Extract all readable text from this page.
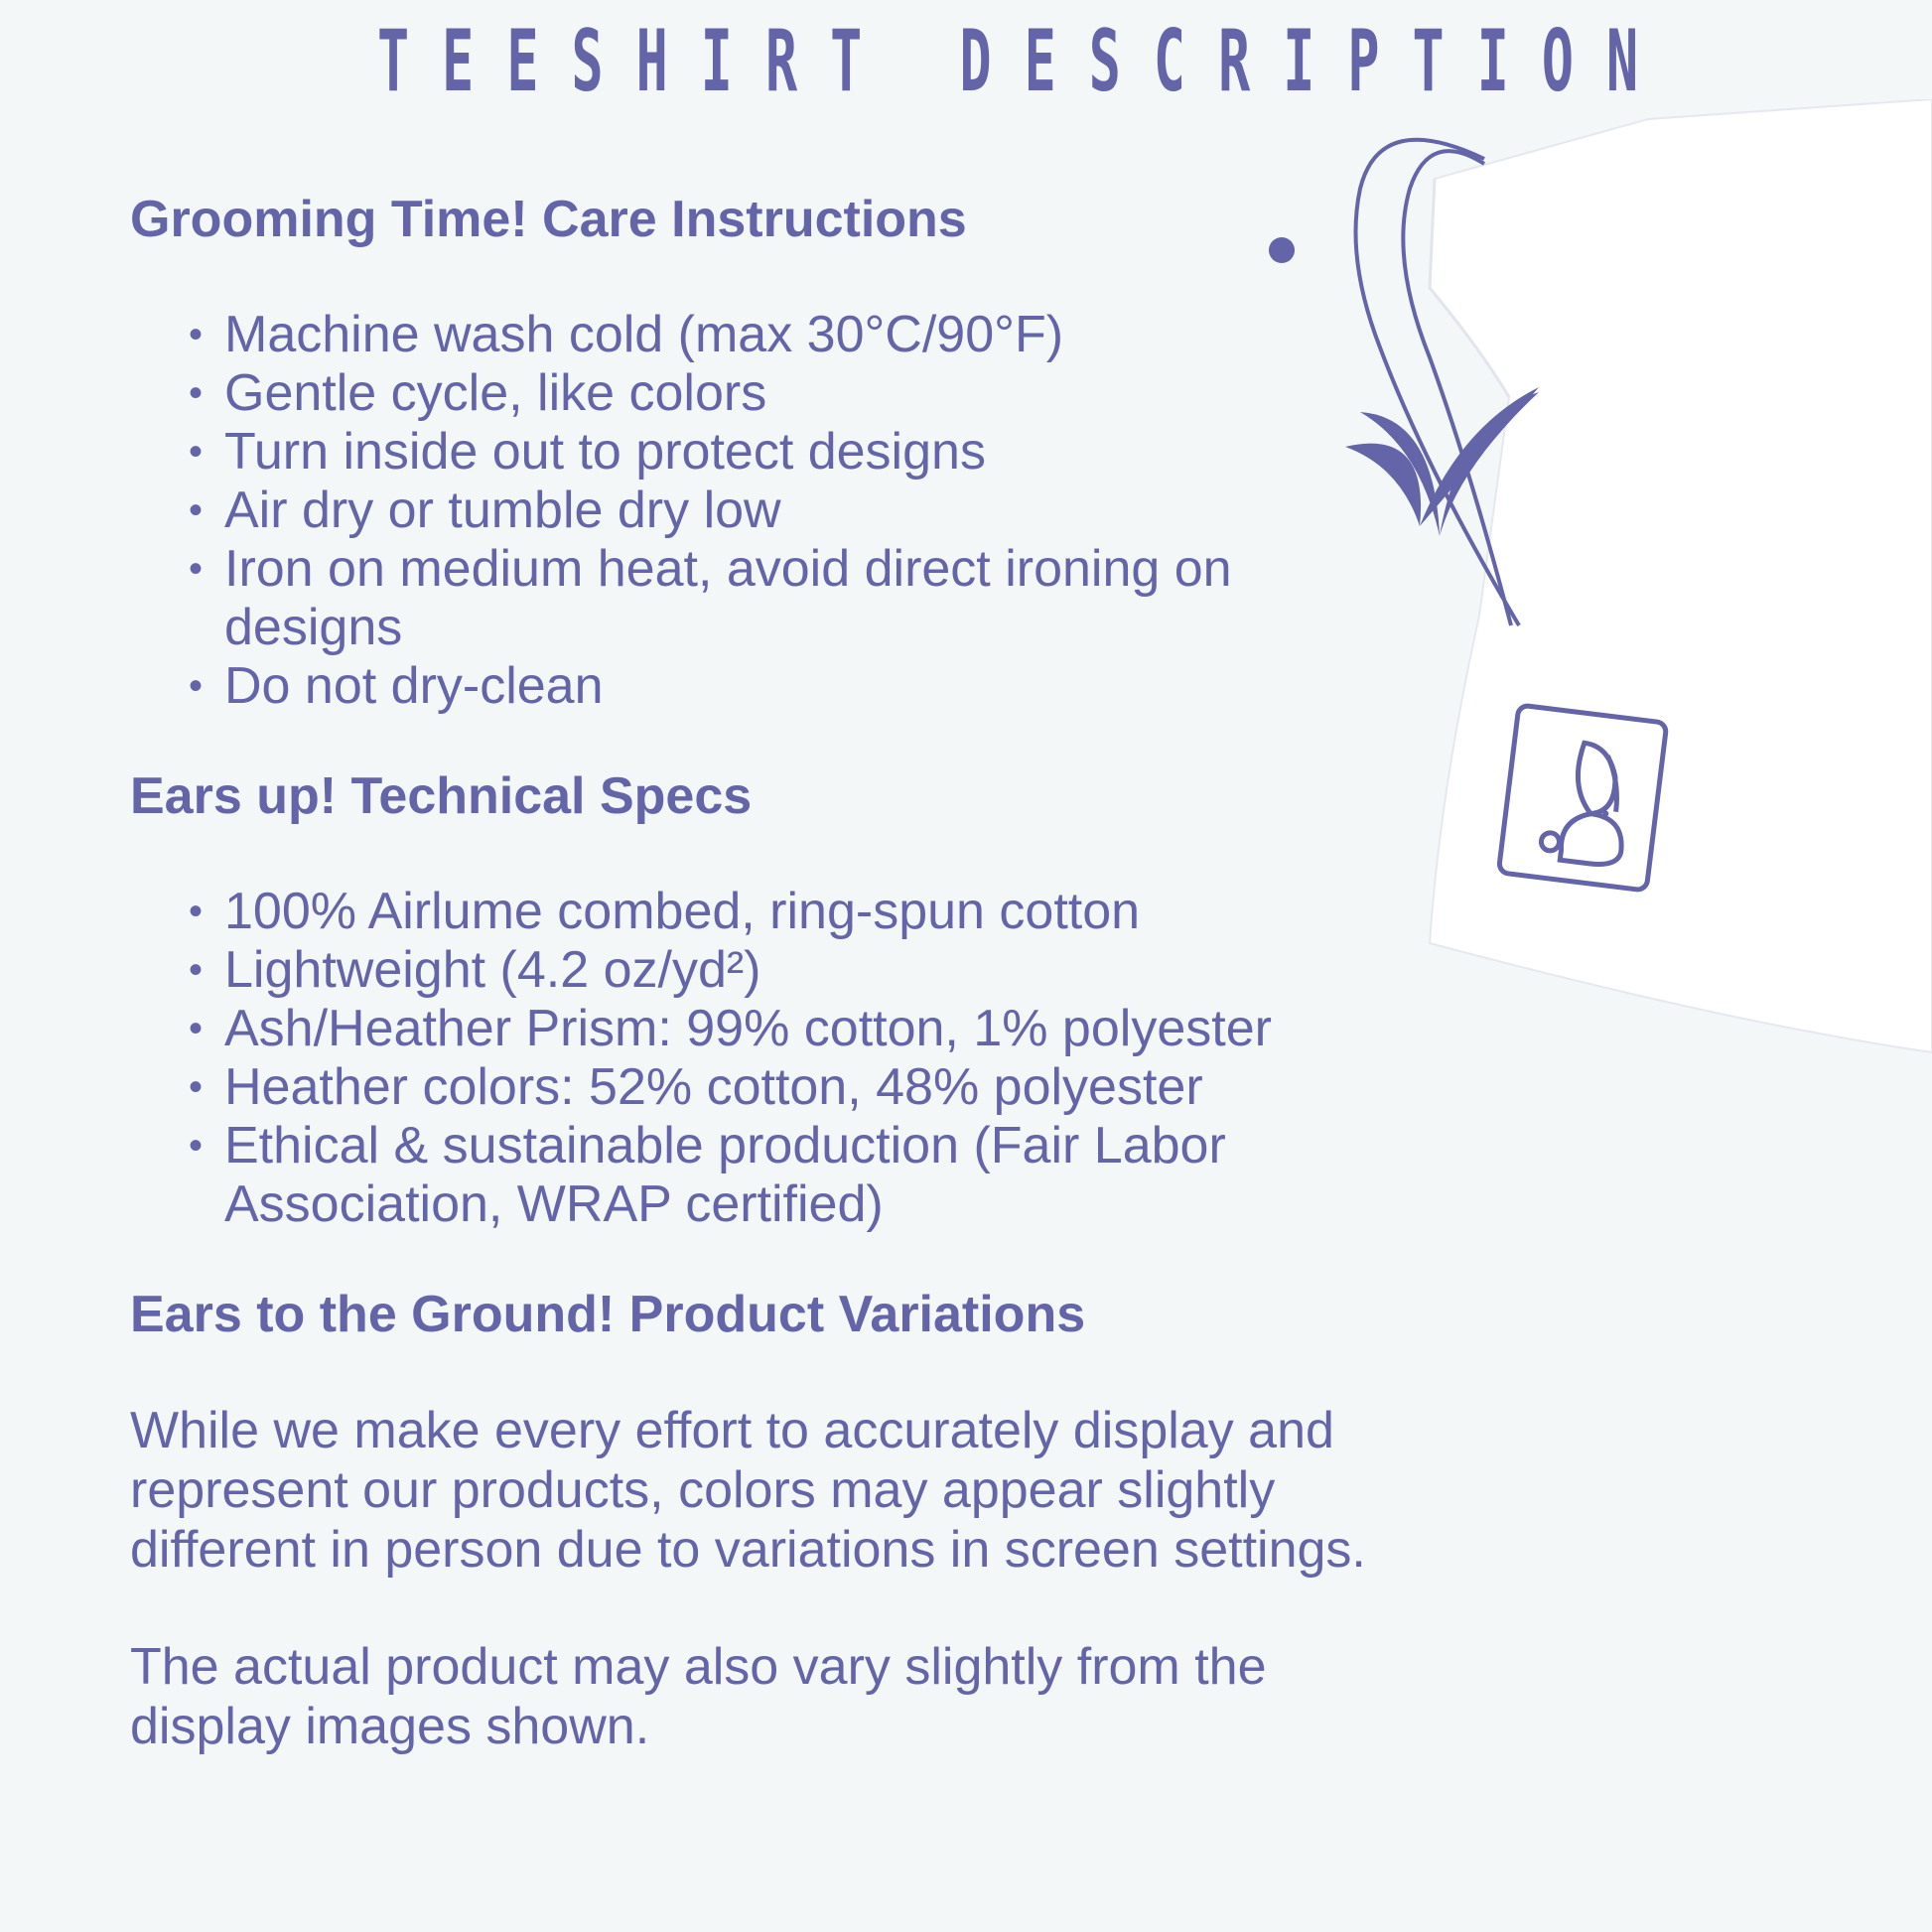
TEESHIRT DESCRIPTION
Grooming Time! Care Instructions
• Machine wash cold (max 30°C/90°F)
• Gentle cycle, like colors
• Turn inside out to protect designs
• Air dry or tumble dry low
• Iron on medium heat, avoid direct ironing on designs
• Do not dry-clean
Ears up! Technical Specs
• 100% Airlume combed, ring-spun cotton
• Lightweight (4.2 oz/yd²)
• Ash/Heather Prism: 99% cotton, 1% polyester
• Heather colors: 52% cotton, 48% polyester
• Ethical & sustainable production (Fair Labor Association, WRAP certified)
Ears to the Ground! Product Variations

While we make every effort to accurately display and represent our products, colors may appear slightly different in person due to variations in screen settings.

The actual product may also vary slightly from the display images shown.
